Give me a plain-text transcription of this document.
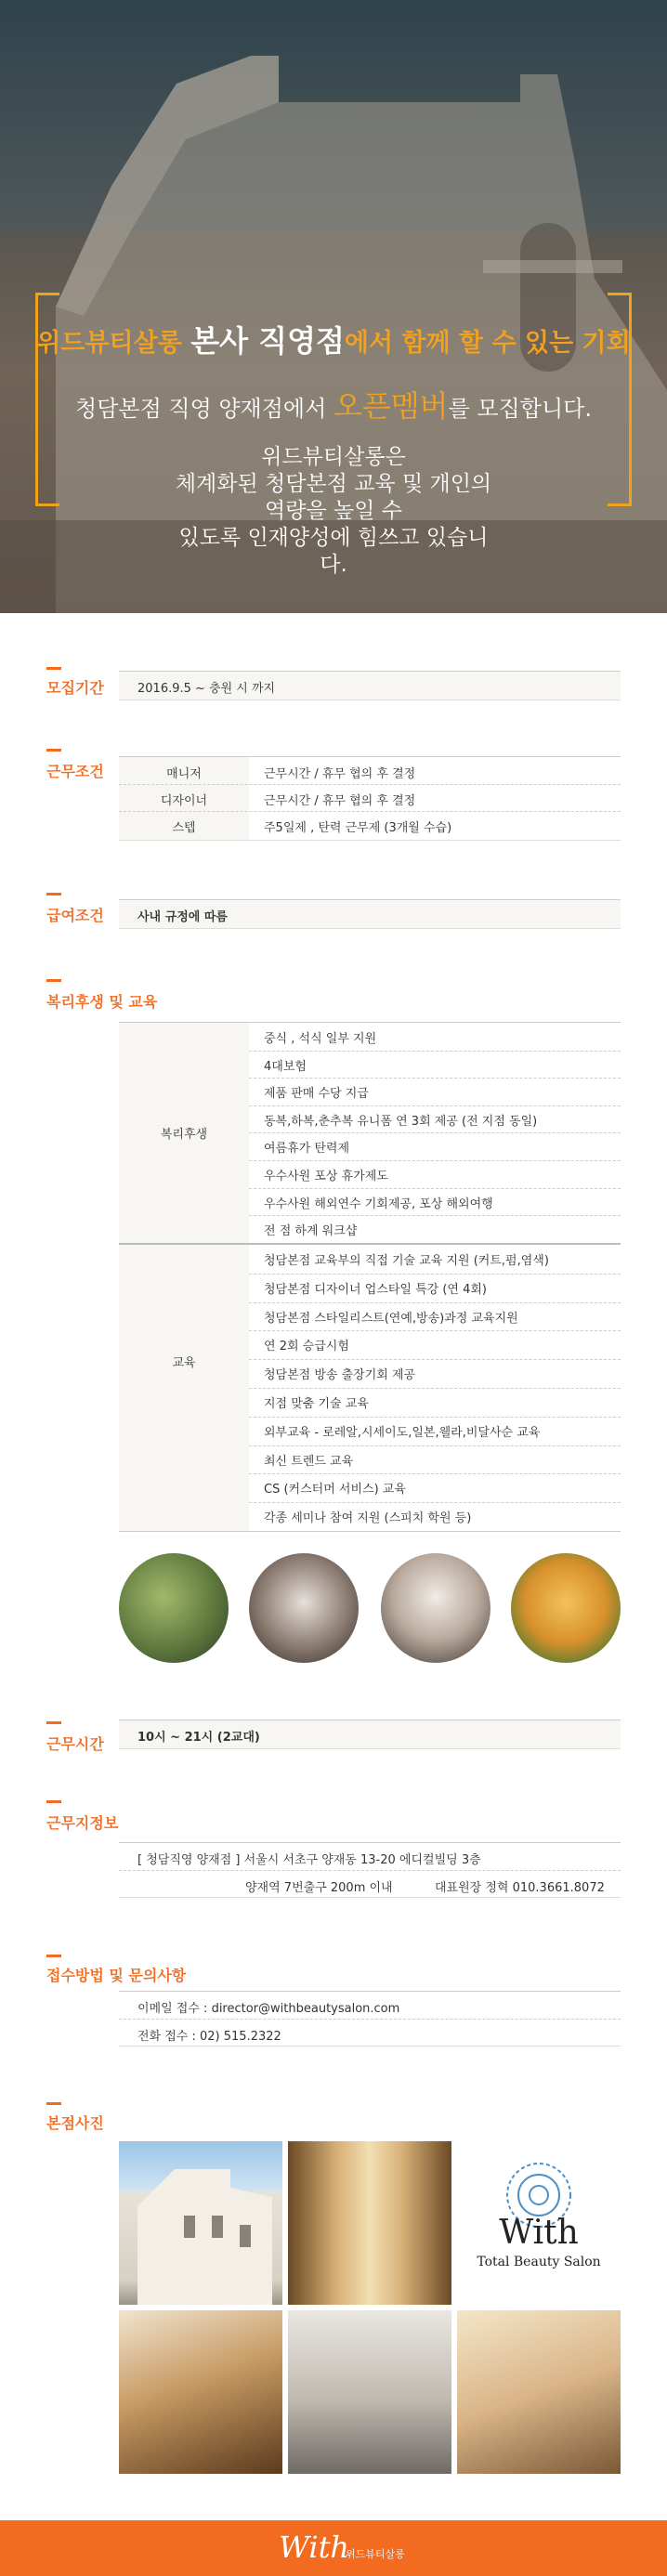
위드뷰티살롱 본사 직영점에서 함께 할 수 있는 기회
청담본점 직영 양재점에서 오픈멤버를 모집합니다.
위드뷰티살롱은
체계화된 청담본점 교육 및 개인의 역량을 높일 수
있도록 인재양성에 힘쓰고 있습니다.
모집기간	2016.9.5 ~ 충원 시 까지
근무조건	매니저	근무시간 / 휴무 협의 후 결정
디자이너	근무시간 / 휴무 협의 후 결정
스텝	주5일제 , 탄력 근무제 (3개월 수습)
급여조건	사내 규정에 따름
복리후생 및 교육
복리후생
중식 , 석식 일부 지원
4대보험
제품 판매 수당 지급
동복,하복,춘추복 유니폼 연 3회 제공 (전 지점 동일)
여름휴가 탄력제
우수사원 포상 휴가제도
우수사원 해외연수 기회제공, 포상 해외여행
전 점 하계 워크샵
교육
청담본점 교육부의 직접 기술 교육 지원 (커트,펌,염색)
청담본점 디자이너 업스타일 특강 (연 4회)
청담본점 스타일리스트(연예,방송)과정 교육지원
연 2회 승급시험
청담본점 방송 출장기회 제공
지점 맞춤 기술 교육
외부교육 - 로레알,시세이도,일본,웰라,비달사순 교육
최신 트렌드 교육
CS (커스터머 서비스) 교육
각종 세미나 참여 지원 (스피치 학원 등)
근무시간	10시 ~ 21시 (2교대)
근무지정보
[ 청담직영 양재점 ] 서울시 서초구 양재동 13-20 에디컬빌딩 3층
양재역 7번출구 200m 이내	대표원장 정혁 010.3661.8072
접수방법 및 문의사항
이메일 접수 : director@withbeautysalon.com
전화 접수 : 02) 515.2322
본점사진
With
Total Beauty Salon
With
위드뷰티살롱
